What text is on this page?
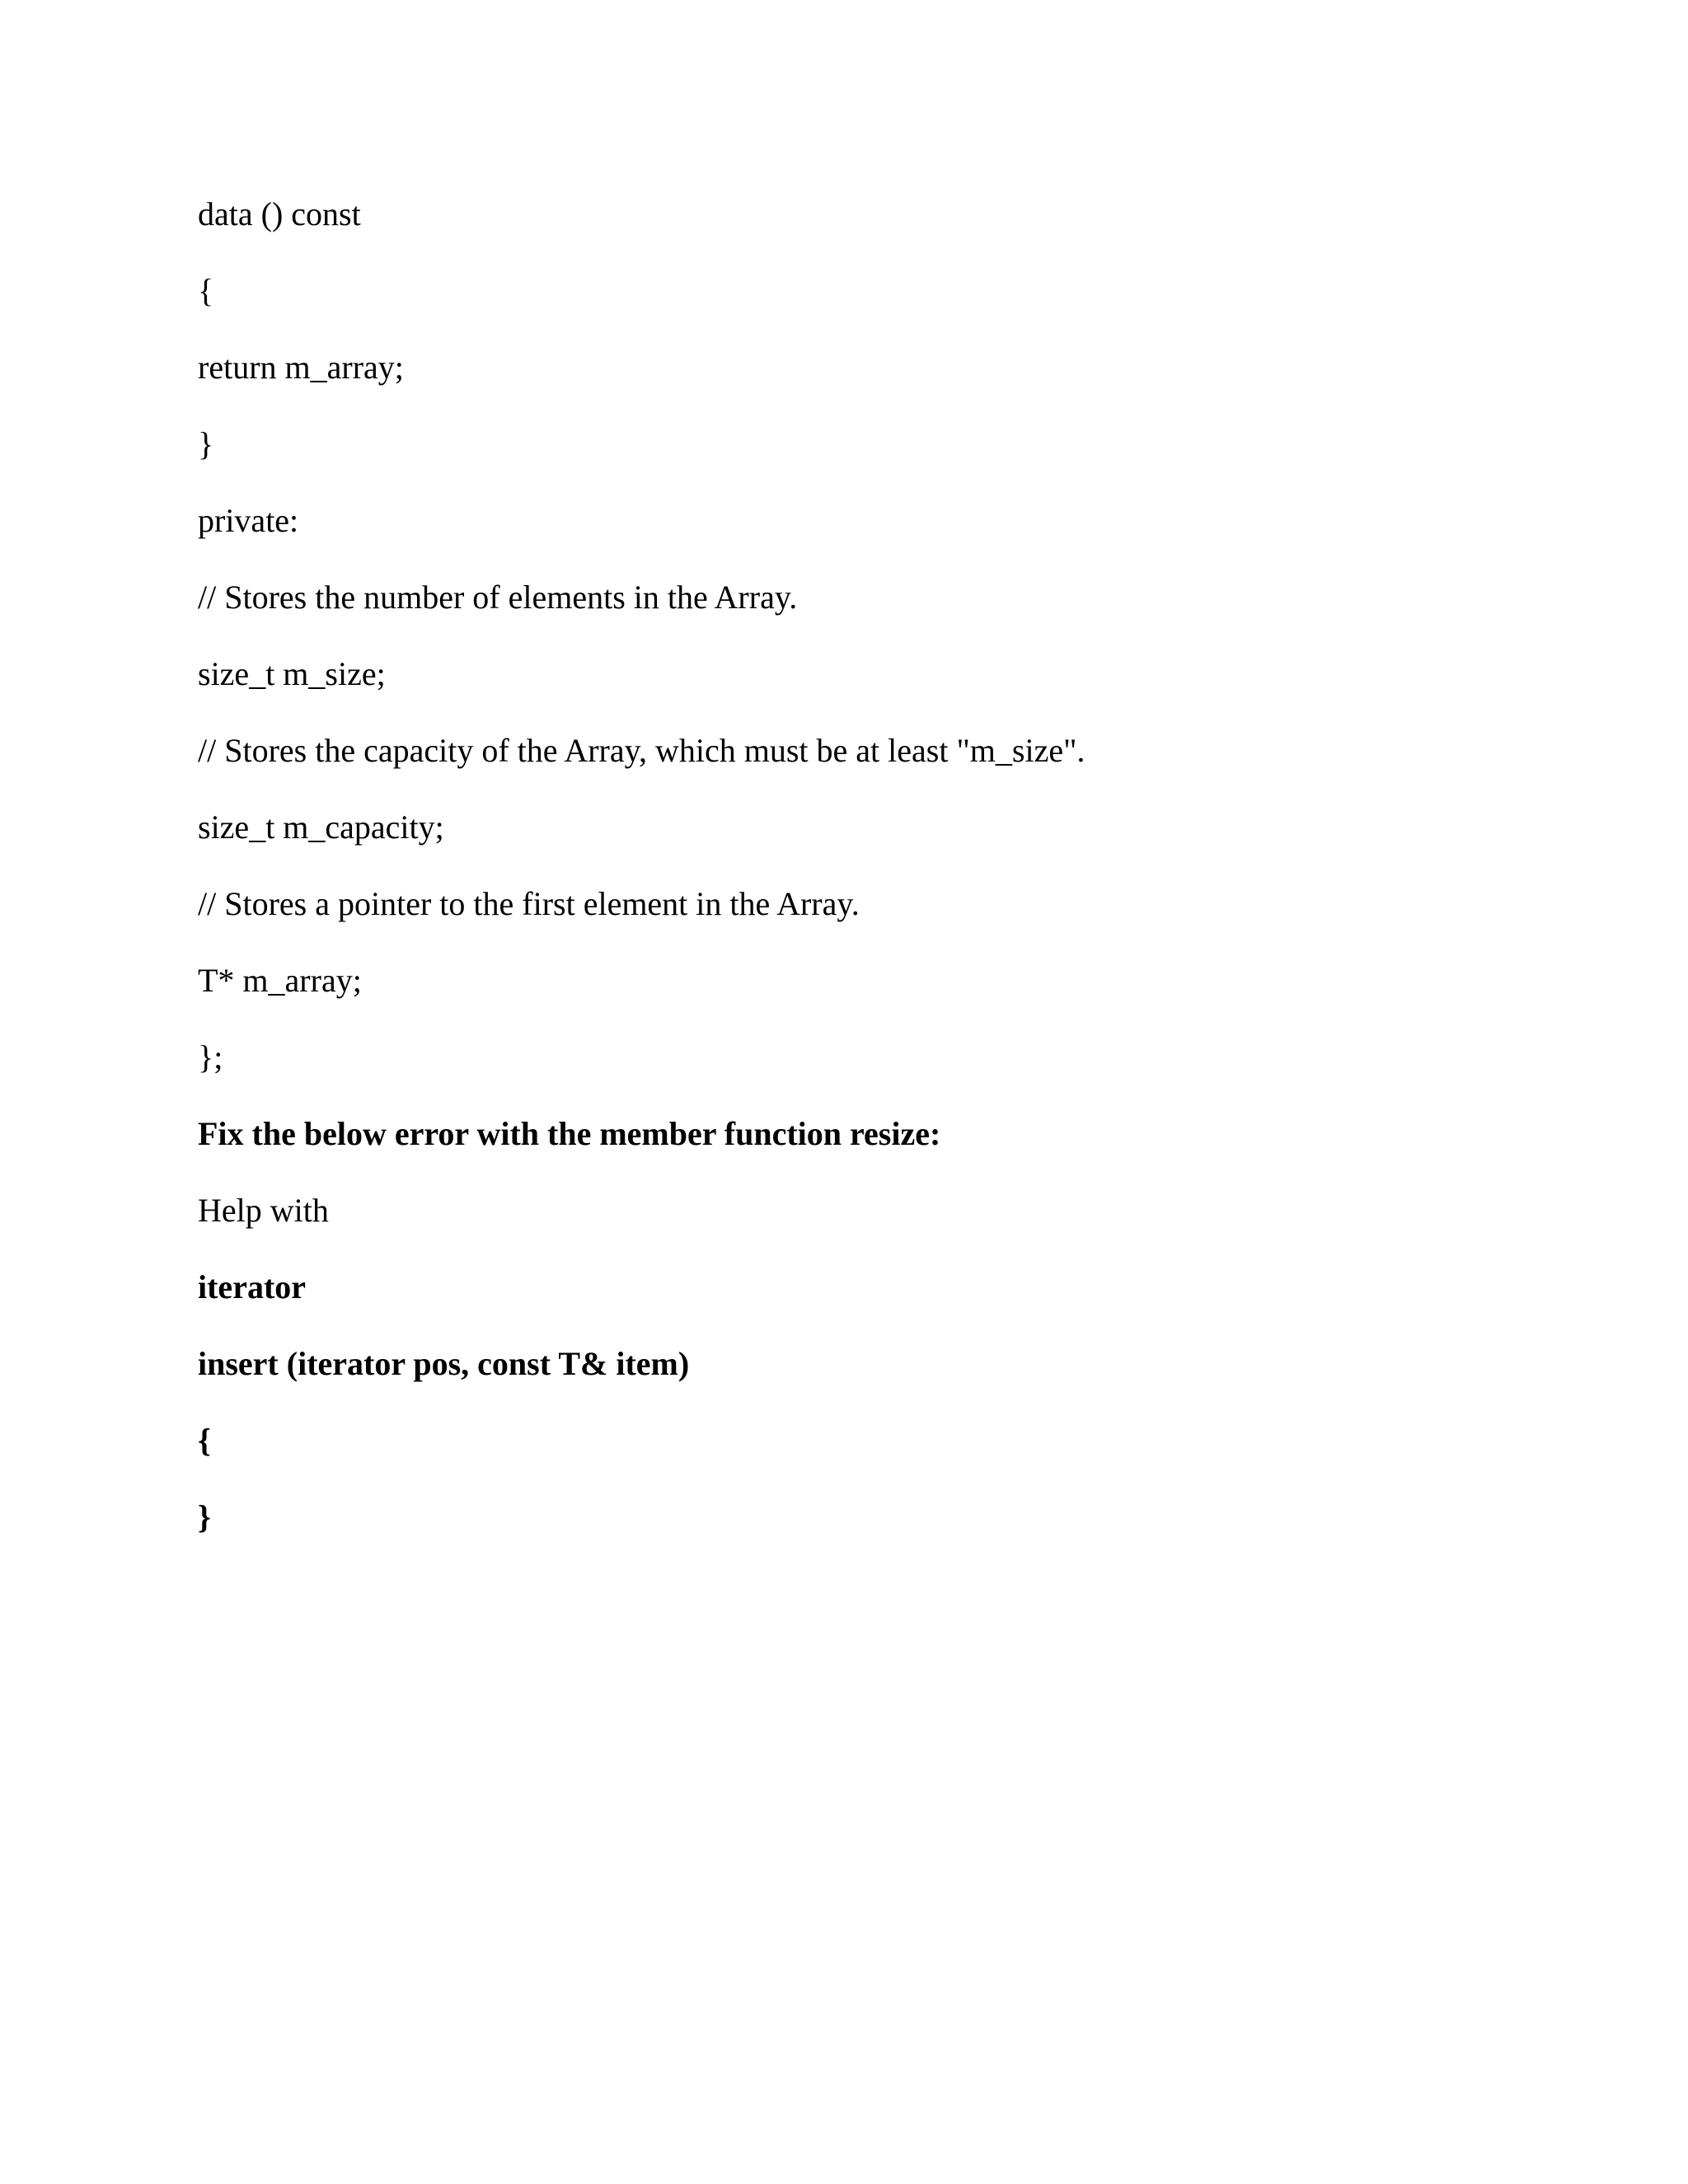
data () const
{
return m_array;
}
private:
// Stores the number of elements in the Array.
size_t m_size;
// Stores the capacity of the Array, which must be at least "m_size".
size_t m_capacity;
// Stores a pointer to the first element in the Array.
T* m_array;
};
Fix the below error with the member function resize:
Help with
iterator
insert (iterator pos, const T& item)
{
}
